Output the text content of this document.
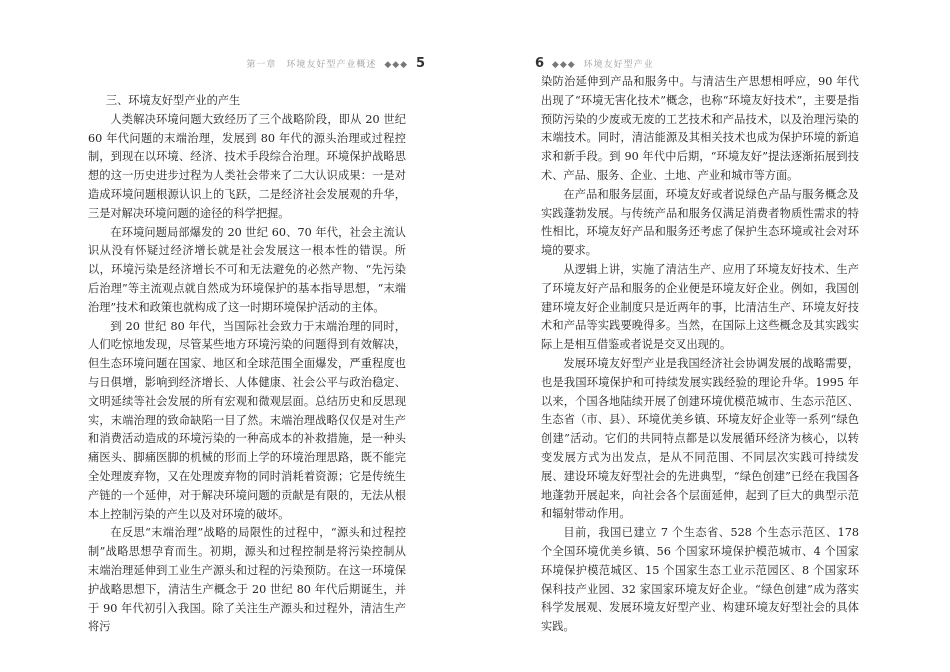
第一章　环境友好型产业概述 ◆◆◆ 5

三、环境友好型产业的产生

人类解决环境问题大致经历了三个战略阶段，即从 20 世纪 60 年代问题的末端治理，发展到 80 年代的源头治理或过程控制，到现在以环境、经济、技术手段综合治理。环境保护战略思想的这一历史进步过程为人类社会带来了二大认识成果：一是对造成环境问题根源认识上的飞跃，二是经济社会发展观的升华，三是对解决环境问题的途径的科学把握。

在环境问题局部爆发的 20 世纪 60、70 年代，社会主流认识从没有怀疑过经济增长就是社会发展这一根本性的错误。所以，环境污染是经济增长不可和无法避免的必然产物、“先污染后治理”等主流观点就自然成为环境保护的基本指导思想，“末端治理”技术和政策也就构成了这一时期环境保护活动的主体。

到 20 世纪 80 年代，当国际社会致力于末端治理的同时，人们吃惊地发现，尽管某些地方环境污染的问题得到有效解决，但生态环境问题在国家、地区和全球范围全面爆发，严重程度也与日俱增，影响到经济增长、人体健康、社会公平与政治稳定、文明延续等社会发展的所有宏观和微观层面。总结历史和反思现实，末端治理的致命缺陷一目了然。末端治理战略仅仅是对生产和消费活动造成的环境污染的一种高成本的补救措施，是一种头痛医头、脚痛医脚的机械的形而上学的环境治理思路，既不能完全处理废弃物，又在处理废弃物的同时消耗着资源；它是传统生产链的一个延伸，对于解决环境问题的贡献是有限的，无法从根本上控制污染的产生以及对环境的破坏。

在反思“末端治理”战略的局限性的过程中，“源头和过程控制”战略思想孕育而生。初期，源头和过程控制是将污染控制从末端治理延伸到工业生产源头和过程的污染预防。在这一环境保护战略思想下，清洁生产概念于 20 世纪 80 年代后期诞生，并于 90 年代初引入我国。除了关注生产源头和过程外，清洁生产将污

6 ◆◆◆ 环境友好型产业

染防治延伸到产品和服务中。与清洁生产思想相呼应，90 年代出现了“环境无害化技术”概念，也称“环境友好技术”，主要是指预防污染的少废或无废的工艺技术和产品技术，以及治理污染的末端技术。同时，清洁能源及其相关技术也成为保护环境的新追求和新手段。到 90 年代中后期，“环境友好”提法逐渐拓展到技术、产品、服务、企业、土地、产业和城市等方面。

在产品和服务层面，环境友好或者说绿色产品与服务概念及实践蓬勃发展。与传统产品和服务仅满足消费者物质性需求的特性相比，环境友好产品和服务还考虑了保护生态环境或社会对环境的要求。

从逻辑上讲，实施了清洁生产、应用了环境友好技术、生产了环境友好产品和服务的企业便是环境友好企业。例如，我国创建环境友好企业制度只是近两年的事，比清洁生产、环境友好技术和产品等实践要晚得多。当然，在国际上这些概念及其实践实际上是相互借鉴或者说是交叉出现的。

发展环境友好型产业是我国经济社会协调发展的战略需要，也是我国环境保护和可持续发展实践经验的理论升华。1995 年以来，个国各地陆续开展了创建环境优模范城市、生态示范区、生态省（市、县）、环境优美乡镇、环境友好企业等一系列“绿色创建”活动。它们的共同特点都是以发展循环经济为核心，以转变发展方式为出发点，是从不同范围、不同层次实践可持续发展、建设环境友好型社会的先进典型，“绿色创建”已经在我国各地蓬勃开展起来，向社会各个层面延伸，起到了巨大的典型示范和辐射带动作用。

目前，我国已建立 7 个生态省、528 个生态示范区、178 个全国环境优美乡镇、56 个国家环境保护模范城市、4 个国家环境保护模范城区、15 个国家生态工业示范园区、8 个国家环保科技产业园、32 家国家环境友好企业。“绿色创建”成为落实科学发展观、发展环境友好型产业、构建环境友好型社会的具体实践。
